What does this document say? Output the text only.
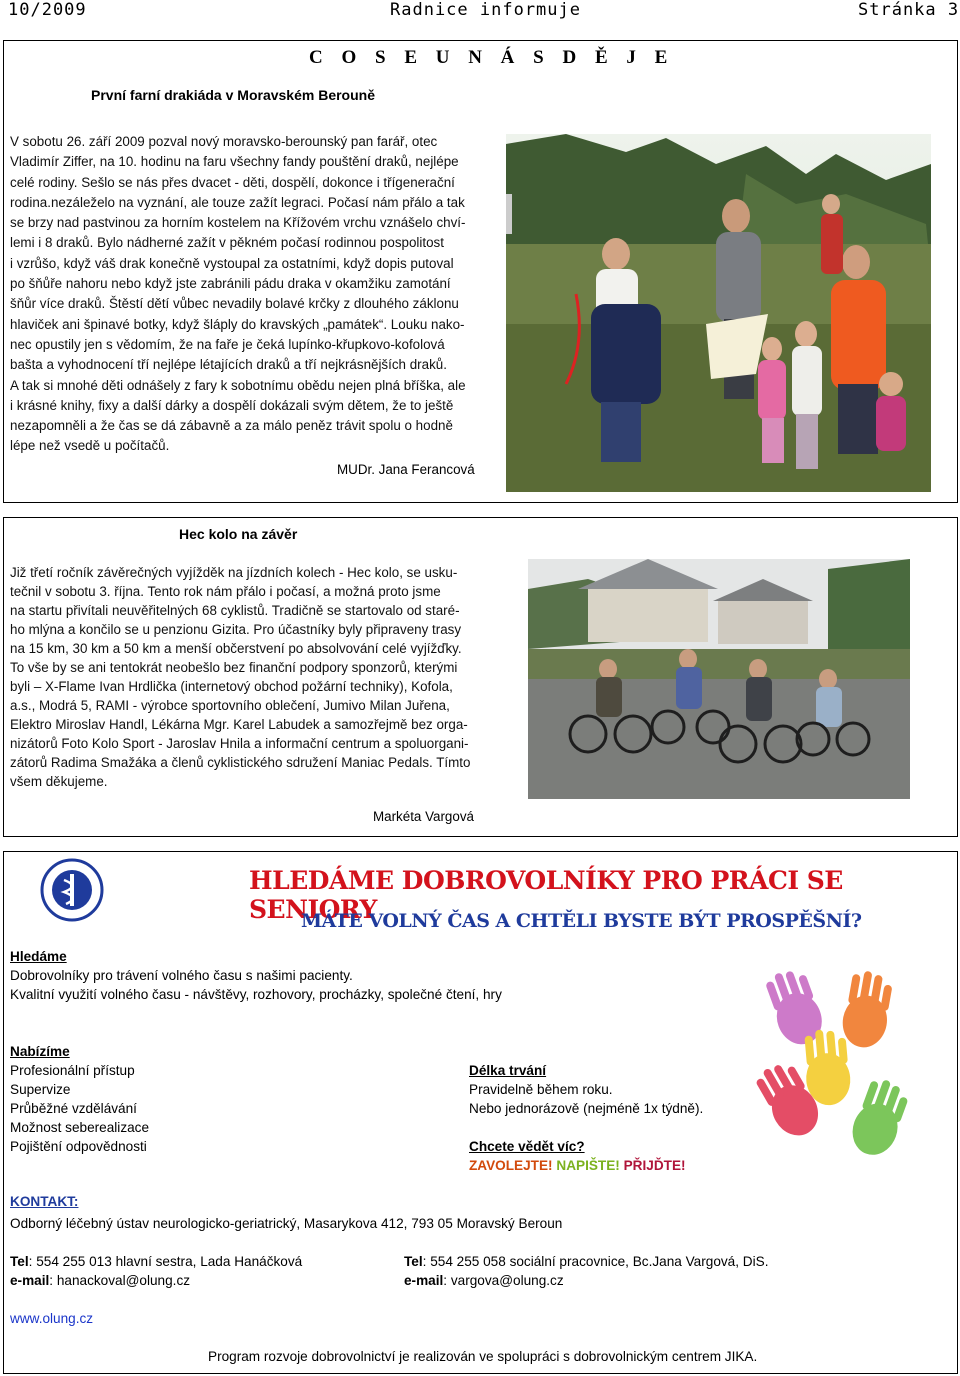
10/2009	Radnice informuje	Stránka 3
C O S E U N Á S D Ě J E
První farní drakiáda v Moravském Berouně
V sobotu 26. září 2009 pozval nový moravsko-berounský pan farář, otec
Vladimír Ziffer, na 10. hodinu na faru všechny fandy pouštění draků, nejlépe
celé rodiny. Sešlo se nás přes dvacet - děti, dospělí, dokonce i třígenerační
rodina.nezáleželo na vyznání, ale touze zažít legraci. Počasí nám přálo a tak
se brzy nad pastvinou za horním kostelem na Křížovém vrchu vznášelo chví-
lemi i 8 draků. Bylo nádherné zažít v pěkném počasí rodinnou pospolitost
i vzrůšo, když váš drak konečně vystoupal za ostatními, když dopis putoval
po šňůře nahoru nebo když jste zabránili pádu draka v okamžiku zamotání
šňůr více draků. Štěstí dětí vůbec nevadily bolavé krčky z dlouhého záklonu
hlaviček ani špinavé botky, když šláply do kravských „památek“. Louku nako-
nec opustily jen s vědomím, že na faře je čeká lupínko-křupkovo-kofolová
bašta a vyhodnocení tří nejlépe létajících draků a tří nejkrásnějších draků.
A tak si mnohé děti odnášely z fary k sobotnímu obědu nejen plná bříška, ale
i krásné knihy, fixy a další dárky a dospělí dokázali svým dětem, že to ještě
nezapomněli a že čas se dá zábavně a za málo peněz trávit spolu o hodně
lépe než vsedě u počítačů.
MUDr. Jana Ferancová
Hec kolo na závěr
Již třetí ročník závěrečných vyjížděk na jízdních kolech - Hec kolo, se usku-
tečnil v sobotu 3. října. Tento rok nám přálo i počasí, a možná proto jsme
na startu přivítali neuvěřitelných 68 cyklistů. Tradičně se startovalo od staré-
ho mlýna a končilo se u penzionu Gizita. Pro účastníky byly připraveny trasy
na 15 km, 30 km a 50 km a menší občerstvení po absolvování celé vyjížďky.
To vše by se ani tentokrát neobešlo bez finanční podpory sponzorů, kterými
byli – X-Flame Ivan Hrdlička (internetový obchod požární techniky), Kofola,
a.s., Modrá 5, RAMI - výrobce sportovního oblečení, Jumivo Milan Juřena,
Elektro Miroslav Handl, Lékárna Mgr. Karel Labudek a samozřejmě bez orga-
nizátorů Foto Kolo Sport - Jaroslav Hnila a informační centrum a spoluorgani-
zátorů Radima Smažáka a členů cyklistického sdružení Maniac Pedals. Tímto
všem děkujeme.
Markéta Vargová
HLEDÁME DOBROVOLNÍKY PRO PRÁCI SE SENIORY
MÁTE VOLNÝ ČAS A CHTĚLI BYSTE BÝT PROSPĚŠNÍ?
Hledáme
Dobrovolníky pro trávení volného času s našimi pacienty.
Kvalitní využití volného času - návštěvy, rozhovory, procházky, společné čtení, hry
Nabízíme
Profesionální přístup
Supervize
Průběžné vzdělávání
Možnost seberealizace
Pojištění odpovědnosti
Délka trvání
Pravidelně během roku.
Nebo jednorázově (nejméně 1x týdně).
Chcete vědět víc?
ZAVOLEJTE! NAPIŠTE! PŘIJĎTE!
KONTAKT:
Odborný léčebný ústav neurologicko-geriatrický, Masarykova 412, 793 05 Moravský Beroun
Tel: 554 255 013 hlavní sestra, Lada Hanáčková
e-mail: hanackoval@olung.cz
Tel: 554 255 058 sociální pracovnice, Bc.Jana Vargová, DiS.
e-mail: vargova@olung.cz
www.olung.cz
Program rozvoje dobrovolnictví je realizován ve spolupráci s dobrovolnickým centrem JIKA.
